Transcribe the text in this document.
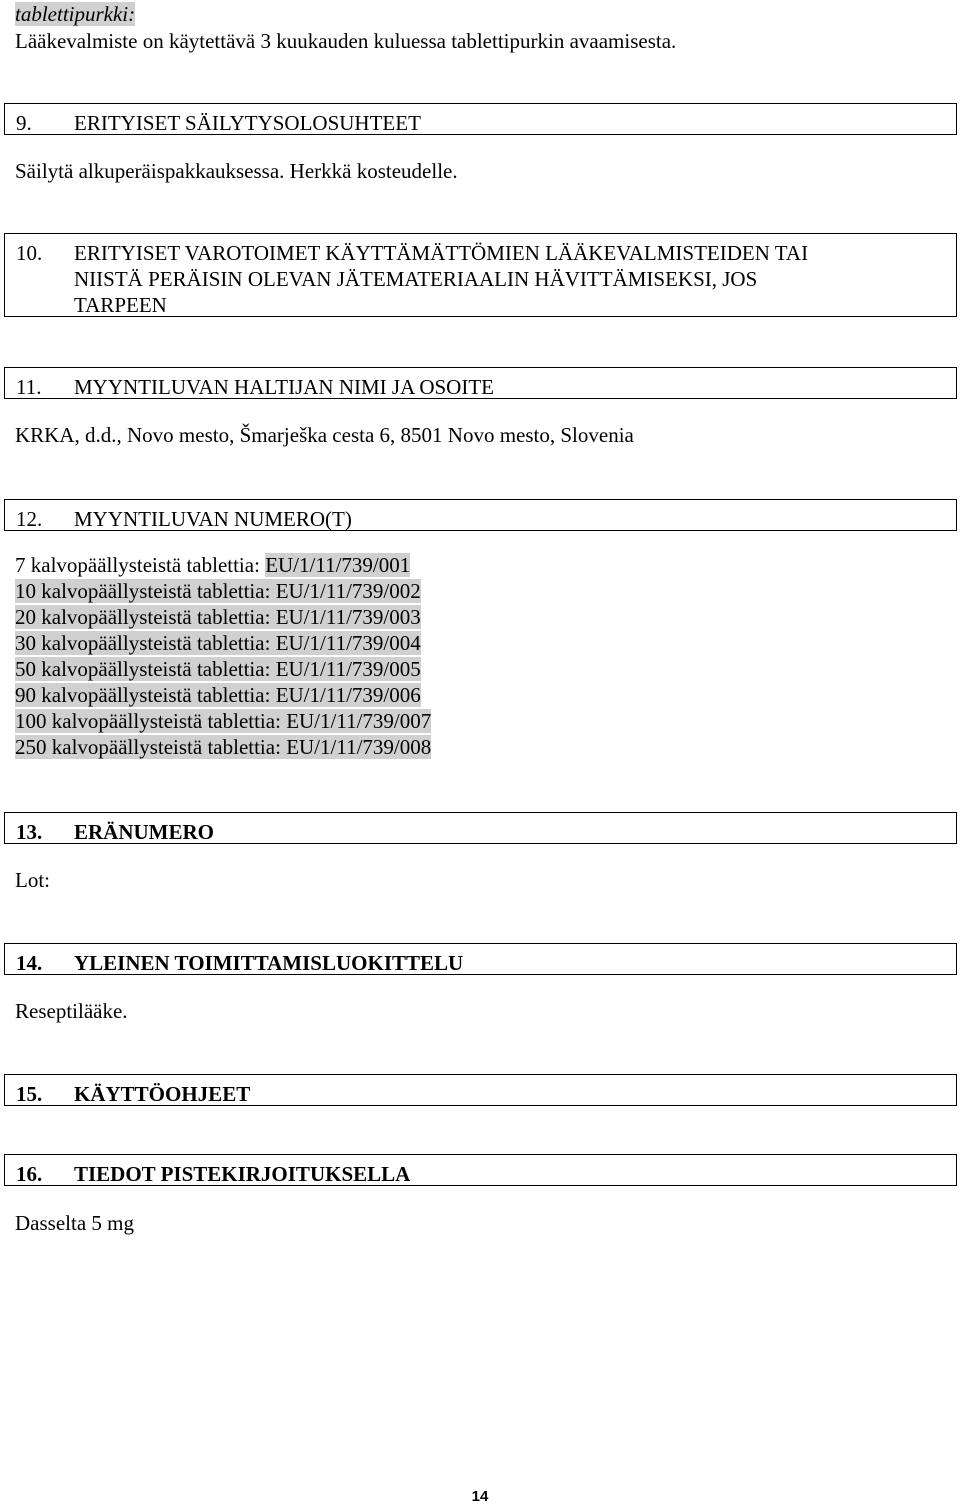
tablettipurkki:
Lääkevalmiste on käytettävä 3 kuukauden kuluessa tablettipurkin avaamisesta.
9. ERITYISET SÄILYTYSOLOSUHTEET
Säilytä alkuperäispakkauksessa. Herkkä kosteudelle.
10. ERITYISET VAROTOIMET KÄYTTÄMÄTTÖMIEN LÄÄKEVALMISTEIDEN TAI
NIISTÄ PERÄISIN OLEVAN JÄTEMATERIAALIN HÄVITTÄMISEKSI, JOS
TARPEEN
11. MYYNTILUVAN HALTIJAN NIMI JA OSOITE
KRKA, d.d., Novo mesto, Šmarješka cesta 6, 8501 Novo mesto, Slovenia
12. MYYNTILUVAN NUMERO(T)
7 kalvopäällysteistä tablettia: EU/1/11/739/001
10 kalvopäällysteistä tablettia: EU/1/11/739/002
20 kalvopäällysteistä tablettia: EU/1/11/739/003
30 kalvopäällysteistä tablettia: EU/1/11/739/004
50 kalvopäällysteistä tablettia: EU/1/11/739/005
90 kalvopäällysteistä tablettia: EU/1/11/739/006
100 kalvopäällysteistä tablettia: EU/1/11/739/007
250 kalvopäällysteistä tablettia: EU/1/11/739/008
13. ERÄNUMERO
Lot:
14. YLEINEN TOIMITTAMISLUOKITTELU
Reseptilääke.
15. KÄYTTÖOHJEET
16. TIEDOT PISTEKIRJOITUKSELLA
Dasselta 5 mg
14
